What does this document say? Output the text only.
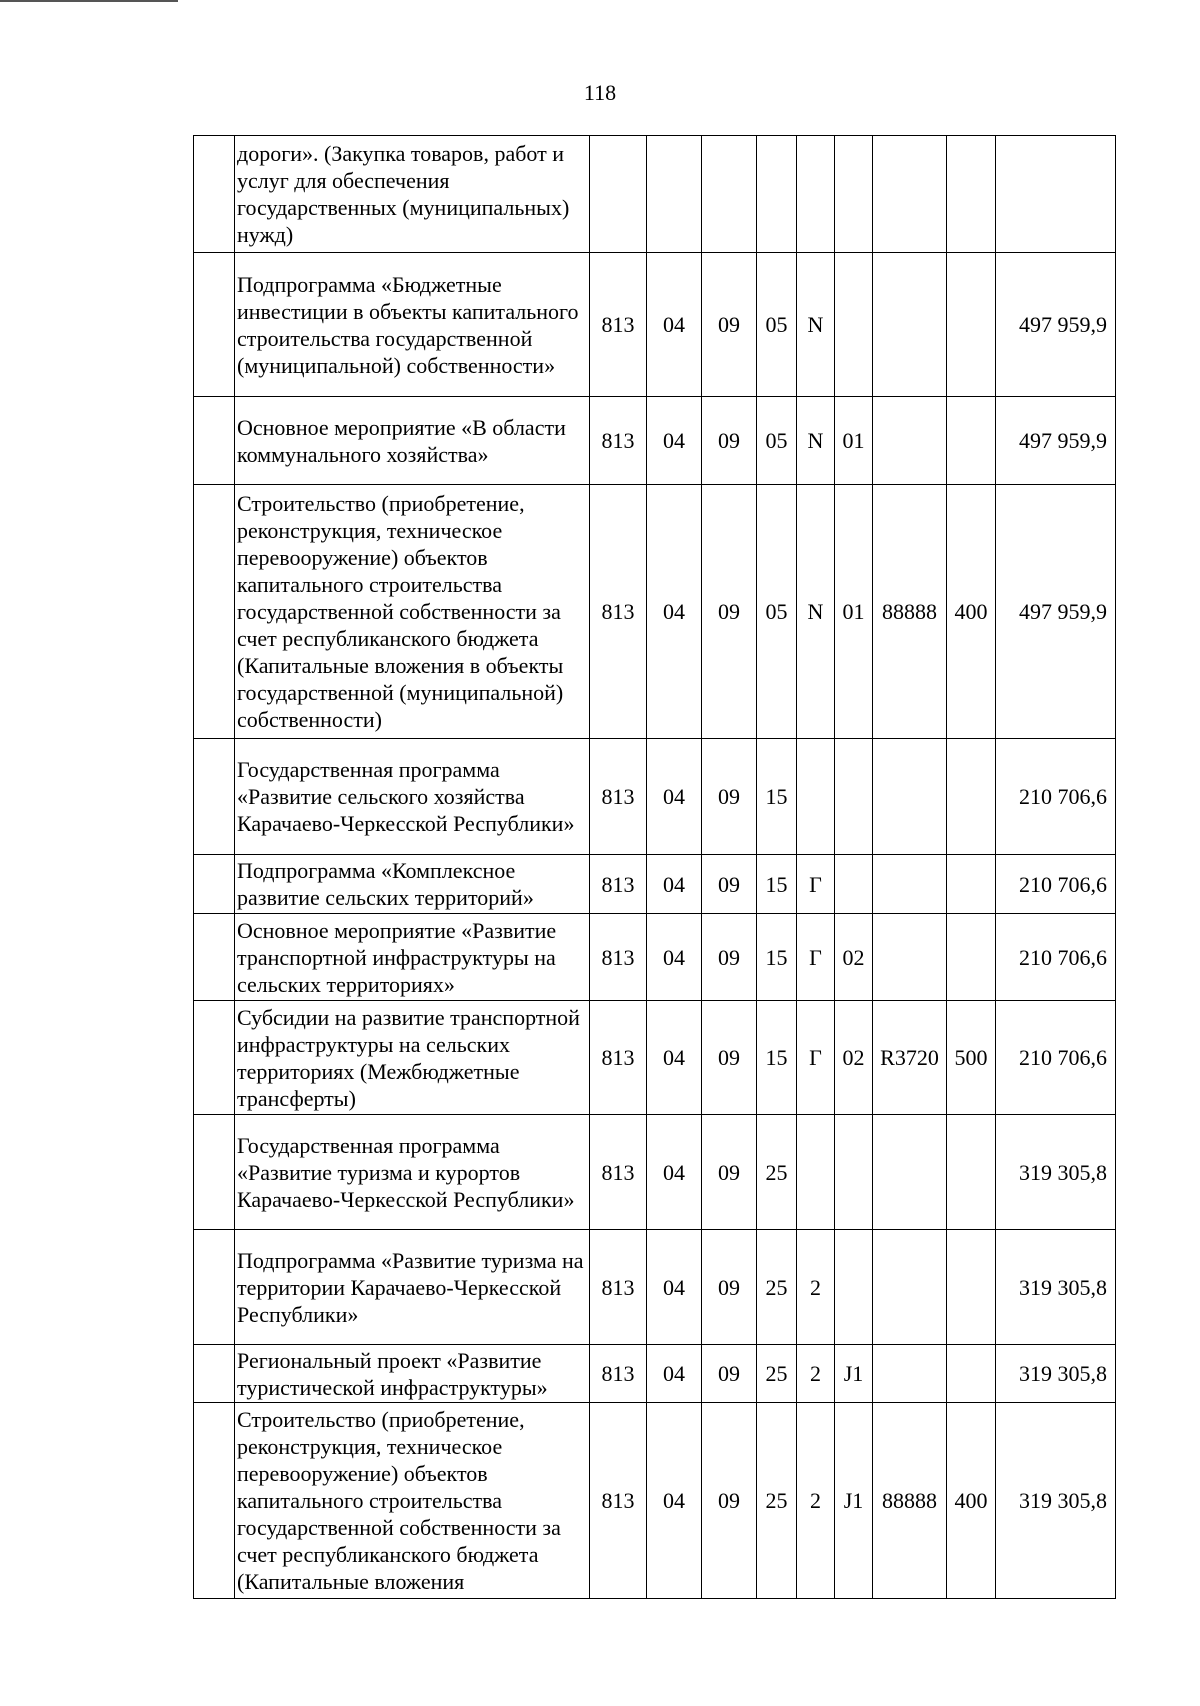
118
	дороги». (Закупка товаров, работ и услуг для обеспечения государственных (муниципальных) нужд)									
	Подпрограмма «Бюджетные инвестиции в объекты капитального строительства государственной (муниципальной) собственности»	813	04	09	05	N				497 959,9
	Основное мероприятие «В области коммунального хозяйства»	813	04	09	05	N	01			497 959,9
	Строительство (приобретение, реконструкция, техническое перевооружение) объектов капитального строительства государственной собственности за счет республиканского бюджета (Капитальные вложения в объекты государственной (муниципальной) собственности)	813	04	09	05	N	01	88888	400	497 959,9
	Государственная программа «Развитие сельского хозяйства Карачаево-Черкесской Республики»	813	04	09	15					210 706,6
	Подпрограмма «Комплексное развитие сельских территорий»	813	04	09	15	Г				210 706,6
	Основное мероприятие «Развитие транспортной инфраструктуры на сельских территориях»	813	04	09	15	Г	02			210 706,6
	Субсидии на развитие транспортной инфраструктуры на сельских территориях (Межбюджетные трансферты)	813	04	09	15	Г	02	R3720	500	210 706,6
	Государственная программа «Развитие туризма и курортов Карачаево-Черкесской Республики»	813	04	09	25					319 305,8
	Подпрограмма «Развитие туризма на территории Карачаево-Черкесской Республики»	813	04	09	25	2				319 305,8
	Региональный проект «Развитие туристической инфраструктуры»	813	04	09	25	2	J1			319 305,8
	Строительство (приобретение, реконструкция, техническое перевооружение) объектов капитального строительства государственной собственности за счет республиканского бюджета (Капитальные вложения	813	04	09	25	2	J1	88888	400	319 305,8
